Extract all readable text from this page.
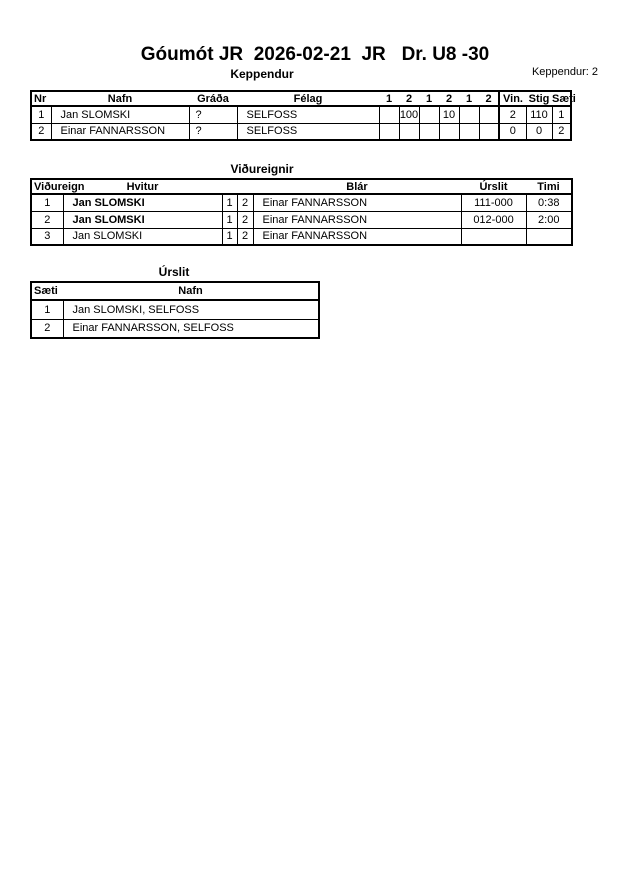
Góumót JR  2026-02-21  JR   Dr. U8 -30
Keppendur: 2
Keppendur
Nr	Nafn	Gráða	Félag	1	2	1	2	1	2	Vin.	Stig	Sæti
1	Jan SLOMSKI	?	SELFOSS		100		10			2	110	1
2	Einar FANNARSSON	?	SELFOSS							0	0	2
Viðureignir
Viðureign	Hvitur			Blár	Úrslit	Timi
1	Jan SLOMSKI	1	2	Einar FANNARSSON	111-000	0:38
2	Jan SLOMSKI	1	2	Einar FANNARSSON	012-000	2:00
3	Jan SLOMSKI	1	2	Einar FANNARSSON		
Úrslit
Sæti	Nafn
1	Jan SLOMSKI, SELFOSS
2	Einar FANNARSSON, SELFOSS
